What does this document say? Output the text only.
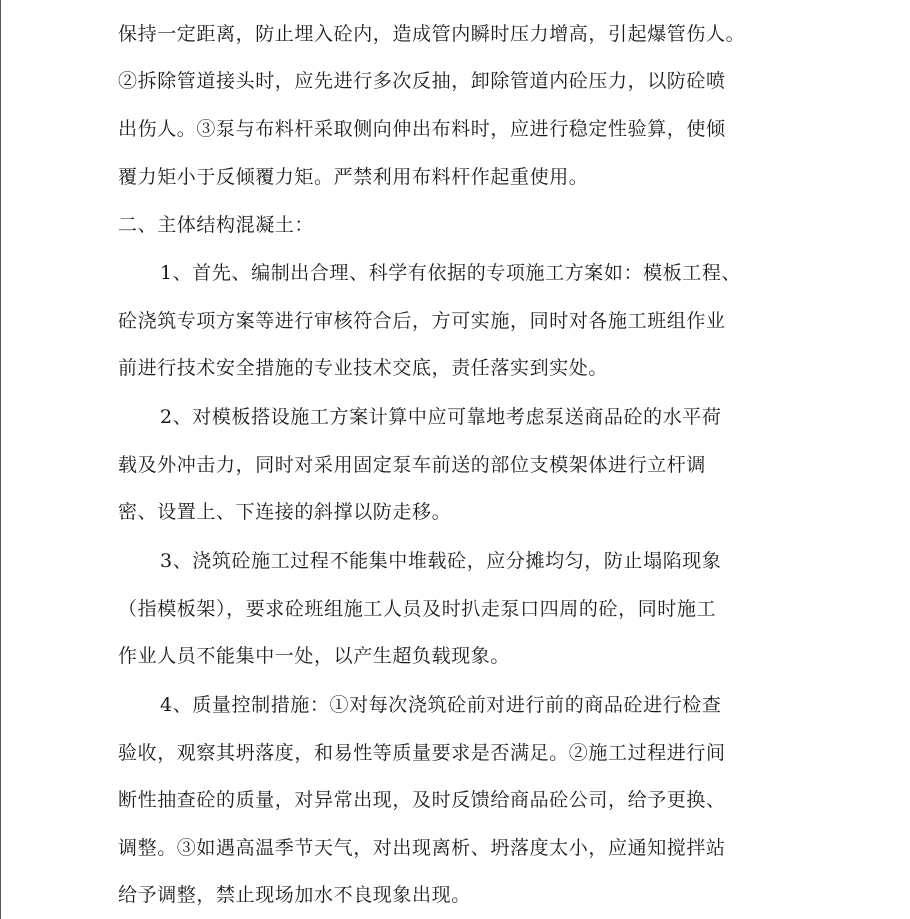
保持一定距离，防止埋入砼内，造成管内瞬时压力增高，引起爆管伤人。
②拆除管道接头时，应先进行多次反抽，卸除管道内砼压力，以防砼喷
出伤人。③泵与布料杆采取侧向伸出布料时，应进行稳定性验算，使倾
覆力矩小于反倾覆力矩。严禁利用布料杆作起重使用。
二、主体结构混凝土：
1、首先、编制出合理、科学有依据的专项施工方案如：模板工程、
砼浇筑专项方案等进行审核符合后，方可实施，同时对各施工班组作业
前进行技术安全措施的专业技术交底，责任落实到实处。
2、对模板搭设施工方案计算中应可靠地考虑泵送商品砼的水平荷
载及外冲击力，同时对采用固定泵车前送的部位支模架体进行立杆调
密、设置上、下连接的斜撑以防走移。
3、浇筑砼施工过程不能集中堆载砼，应分摊均匀，防止塌陷现象
（指模板架），要求砼班组施工人员及时扒走泵口四周的砼，同时施工
作业人员不能集中一处，以产生超负载现象。
4、质量控制措施：①对每次浇筑砼前对进行前的商品砼进行检查
验收，观察其坍落度，和易性等质量要求是否满足。②施工过程进行间
断性抽查砼的质量，对异常出现，及时反馈给商品砼公司，给予更换、
调整。③如遇高温季节天气，对出现离析、坍落度太小，应通知搅拌站
给予调整，禁止现场加水不良现象出现。
